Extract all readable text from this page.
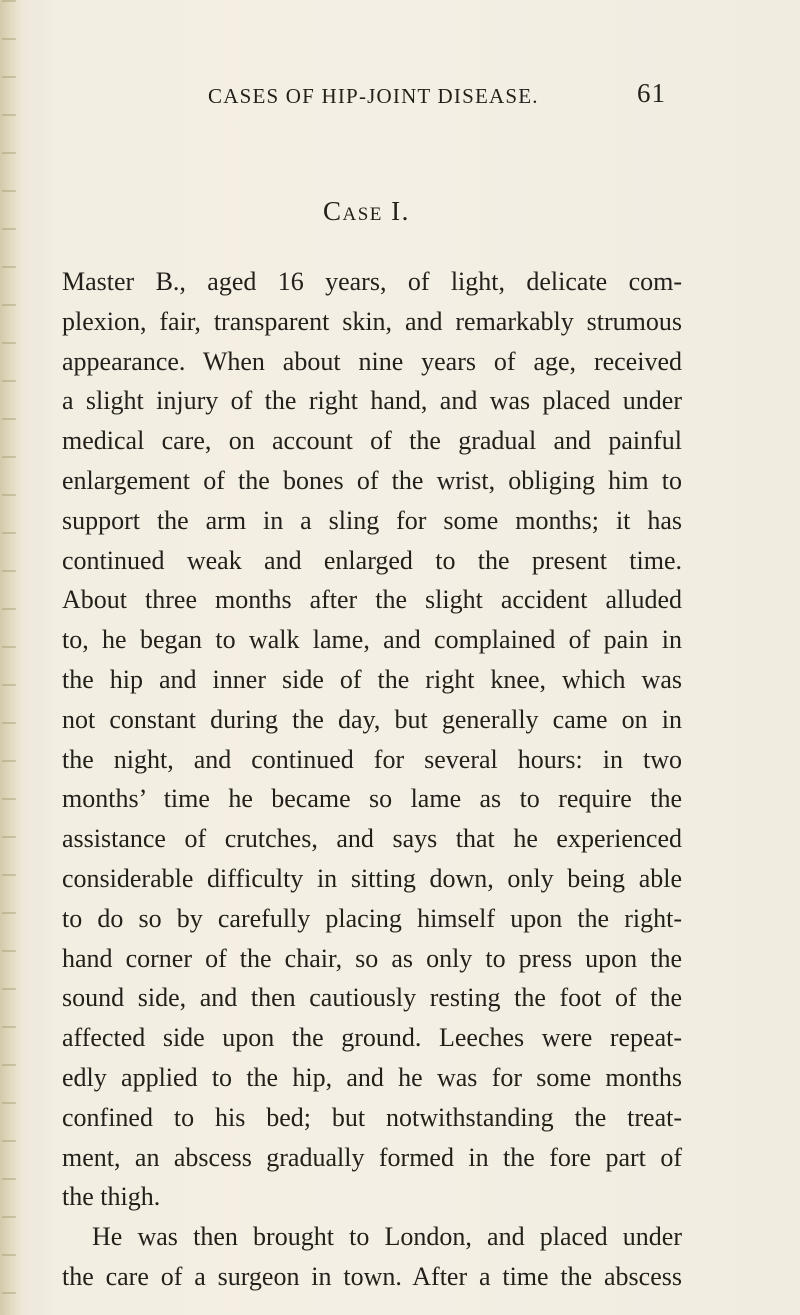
CASES OF HIP-JOINT DISEASE.	61
Case I.
Master B., aged 16 years, of light, delicate com-
plexion, fair, transparent skin, and remarkably strumous
appearance. When about nine years of age, received
a slight injury of the right hand, and was placed under
medical care, on account of the gradual and painful
enlargement of the bones of the wrist, obliging him to
support the arm in a sling for some months; it has
continued weak and enlarged to the present time.
About three months after the slight accident alluded
to, he began to walk lame, and complained of pain in
the hip and inner side of the right knee, which was
not constant during the day, but generally came on in
the night, and continued for several hours: in two
months’ time he became so lame as to require the
assistance of crutches, and says that he experienced
considerable difficulty in sitting down, only being able
to do so by carefully placing himself upon the right-
hand corner of the chair, so as only to press upon the
sound side, and then cautiously resting the foot of the
affected side upon the ground. Leeches were repeat-
edly applied to the hip, and he was for some months
confined to his bed; but notwithstanding the treat-
ment, an abscess gradually formed in the fore part of
the thigh.
He was then brought to London, and placed under
the care of a surgeon in town. After a time the abscess
